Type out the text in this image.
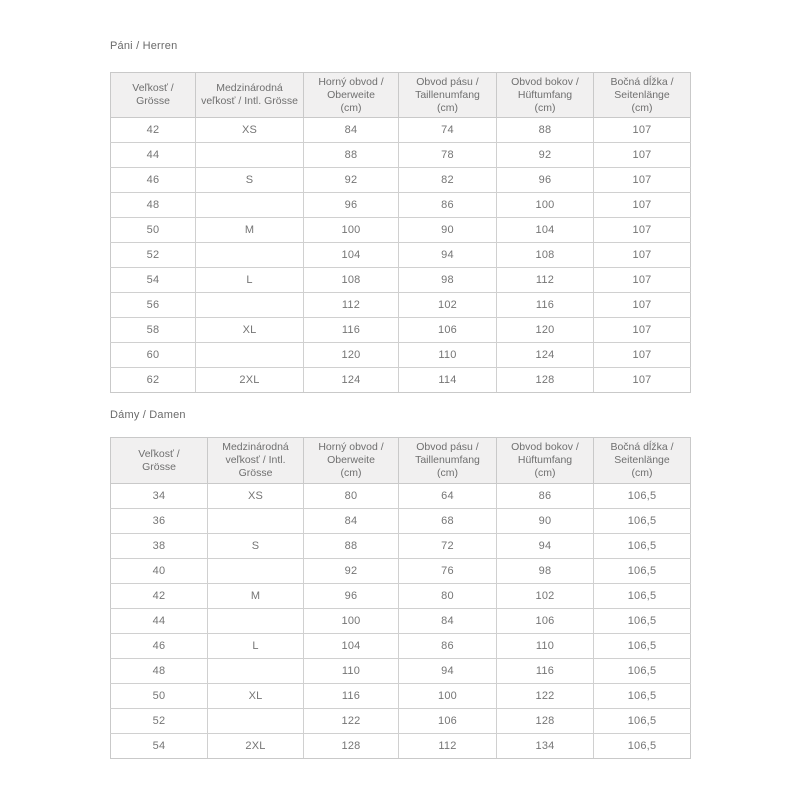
Páni / Herren
Veľkosť /
Grösse	Medzinárodná
veľkosť / Intl. Grösse	Horný obvod /
Oberweite
(cm)	Obvod pásu /
Taillenumfang
(cm)	Obvod bokov /
Hüftumfang
(cm)	Bočná dĺžka /
Seitenlänge
(cm)

42	XS	84	74	88	107
44		88	78	92	107
46	S	92	82	96	107
48		96	86	100	107
50	M	100	90	104	107
52		104	94	108	107
54	L	108	98	112	107
56		112	102	116	107
58	XL	116	106	120	107
60		120	110	124	107
62	2XL	124	114	128	107
Dámy / Damen
Veľkosť /
Grösse	Medzinárodná
veľkosť / Intl.
Grösse	Horný obvod /
Oberweite
(cm)	Obvod pásu /
Taillenumfang
(cm)	Obvod bokov /
Hüftumfang
(cm)	Bočná dĺžka /
Seitenlänge
(cm)

34	XS	80	64	86	106,5
36		84	68	90	106,5
38	S	88	72	94	106,5
40		92	76	98	106,5
42	M	96	80	102	106,5
44		100	84	106	106,5
46	L	104	86	110	106,5
48		110	94	116	106,5
50	XL	116	100	122	106,5
52		122	106	128	106,5
54	2XL	128	112	134	106,5
